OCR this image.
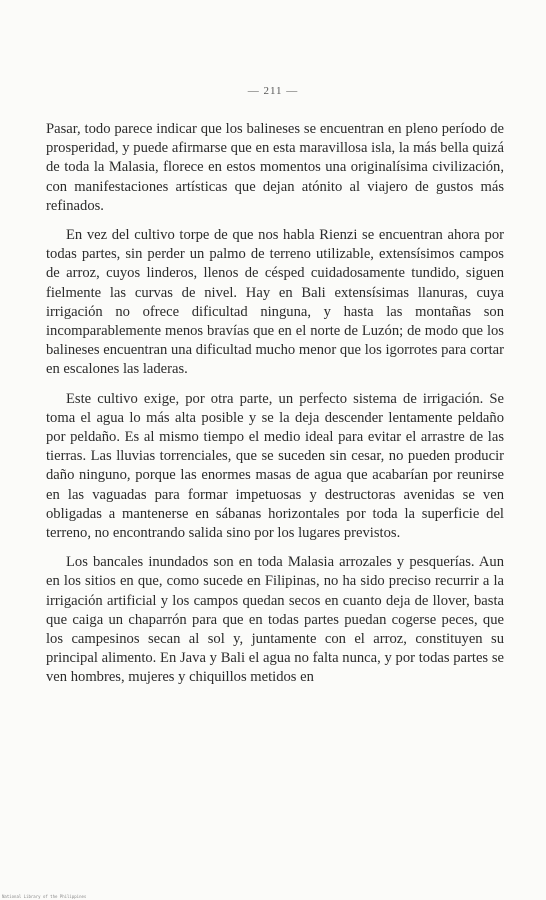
— 211 —

Pasar, todo parece indicar que los balineses se encuentran en pleno período de prosperidad, y puede afirmarse que en esta maravillosa isla, la más bella quizá de toda la Malasia, florece en estos momentos una originalísima civilización, con manifestaciones artísticas que dejan atónito al viajero de gustos más refinados.

En vez del cultivo torpe de que nos habla Rienzi se encuentran ahora por todas partes, sin perder un palmo de terreno utilizable, extensísimos campos de arroz, cuyos linderos, llenos de césped cuidadosamente tundido, siguen fielmente las curvas de nivel. Hay en Bali extensísimas llanuras, cuya irrigación no ofrece dificultad ninguna, y hasta las montañas son incomparablemente menos bravías que en el norte de Luzón; de modo que los balineses encuentran una dificultad mucho menor que los igorrotes para cortar en escalones las laderas.

Este cultivo exige, por otra parte, un perfecto sistema de irrigación. Se toma el agua lo más alta posible y se la deja descender lentamente peldaño por peldaño. Es al mismo tiempo el medio ideal para evitar el arrastre de las tierras. Las lluvias torrenciales, que se suceden sin cesar, no pueden producir daño ninguno, porque las enormes masas de agua que acabarían por reunirse en las vaguadas para formar impetuosas y destructoras avenidas se ven obligadas a mantenerse en sábanas horizontales por toda la superficie del terreno, no encontrando salida sino por los lugares previstos.

Los bancales inundados son en toda Malasia arrozales y pesquerías. Aun en los sitios en que, como sucede en Filipinas, no ha sido preciso recurrir a la irrigación artificial y los campos quedan secos en cuanto deja de llover, basta que caiga un chaparrón para que en todas partes puedan cogerse peces, que los campesinos secan al sol y, juntamente con el arroz, constituyen su principal alimento. En Java y Bali el agua no falta nunca, y por todas partes se ven hombres, mujeres y chiquillos metidos en

National Library of the Philippines
